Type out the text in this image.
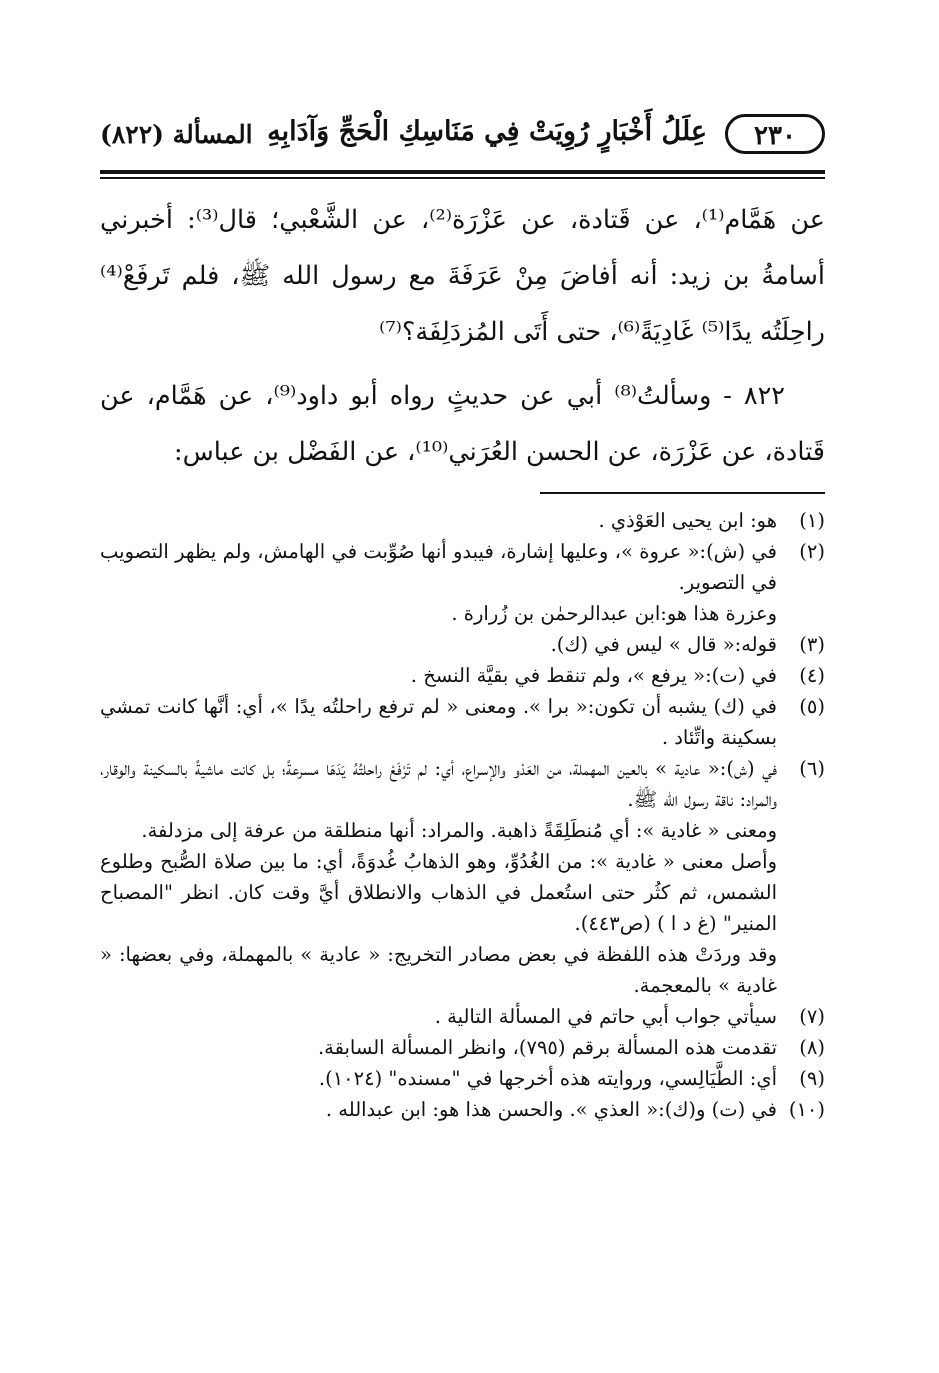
٢٣٠
عِلَلُ أَخْبَارٍ رُوِيَتْ فِي مَنَاسِكِ الْحَجِّ وَآدَابِهِ
المسألة (٨٢٢)

عن هَمَّام⁽¹⁾، عن قَتادة، عن عَزْرَة⁽²⁾، عن الشَّعْبي؛ قال⁽³⁾: أخبرني أسامةُ بن زيد: أنه أفاضَ مِنْ عَرَفَةَ مع رسول الله ﷺ، فلم تَرفَعْ⁽⁴⁾ راحِلَتُه يدًا⁽⁵⁾ غَادِيَةً⁽⁶⁾، حتى أَتَى المُزدَلِفَة؟⁽⁷⁾

٨٢٢ - وسألتُ⁽⁸⁾ أبي عن حديثٍ رواه أبو داود⁽⁹⁾، عن هَمَّام، عن قَتادة، عن عَزْرَة، عن الحسن العُرَني⁽¹⁰⁾، عن الفَضْل بن عباس:

(١)
هو: ابن يحيى العَوْذي .
(٢)
في (ش):« عروة »، وعليها إشارة، فيبدو أنها صُوِّبت في الهامش، ولم يظهر التصويب في التصوير.
وعزرة هذا هو:ابن عبدالرحمٰن بن زُرارة .
(٣)
قوله:« قال » ليس في (ك).
(٤)
في (ت):« يرفع »، ولم تنقط في بقيَّة النسخ .
(٥)
في (ك) يشبه أن تكون:« برا ». ومعنى « لم ترفع راحلتُه يدًا »، أي: أنَّها كانت تمشي بسكينة واتِّئاد .
(٦)
في (ش):« عادية » بالعين المهملة، من العَدْو والإسراع، أي: لم تَرْفَعْ راحلتُهُ يَدَهَا مسرعةً؛ بل كانت ماشيةً بالسكينة والوقار، والمراد: ناقة رسول الله ﷺ.
ومعنى « غادية »: أي مُنطَلِقَةً ذاهبة. والمراد: أنها منطلقة من عرفة إلى مزدلفة.
وأصل معنى « غادية »: من الغُدُوِّ، وهو الذهابُ غُدوَةً، أي: ما بين صلاة الصُّبح وطلوع الشمس، ثم كثُر حتى استُعمل في الذهاب والانطلاق أيَّ وقت كان. انظر "المصباح المنير" (غ د ا ) (ص٤٤٣).
وقد وردَتْ هذه اللفظة في بعض مصادر التخريج: « عادية » بالمهملة، وفي بعضها: « غادية » بالمعجمة.
(٧)
سيأتي جواب أبي حاتم في المسألة التالية .
(٨)
تقدمت هذه المسألة برقم (٧٩٥)، وانظر المسألة السابقة.
(٩)
أي: الطَّيَالِسي، وروايته هذه أخرجها في "مسنده" (١٠٢٤).
(١٠)
في (ت) و(ك):« العذي ». والحسن هذا هو: ابن عبدالله .
